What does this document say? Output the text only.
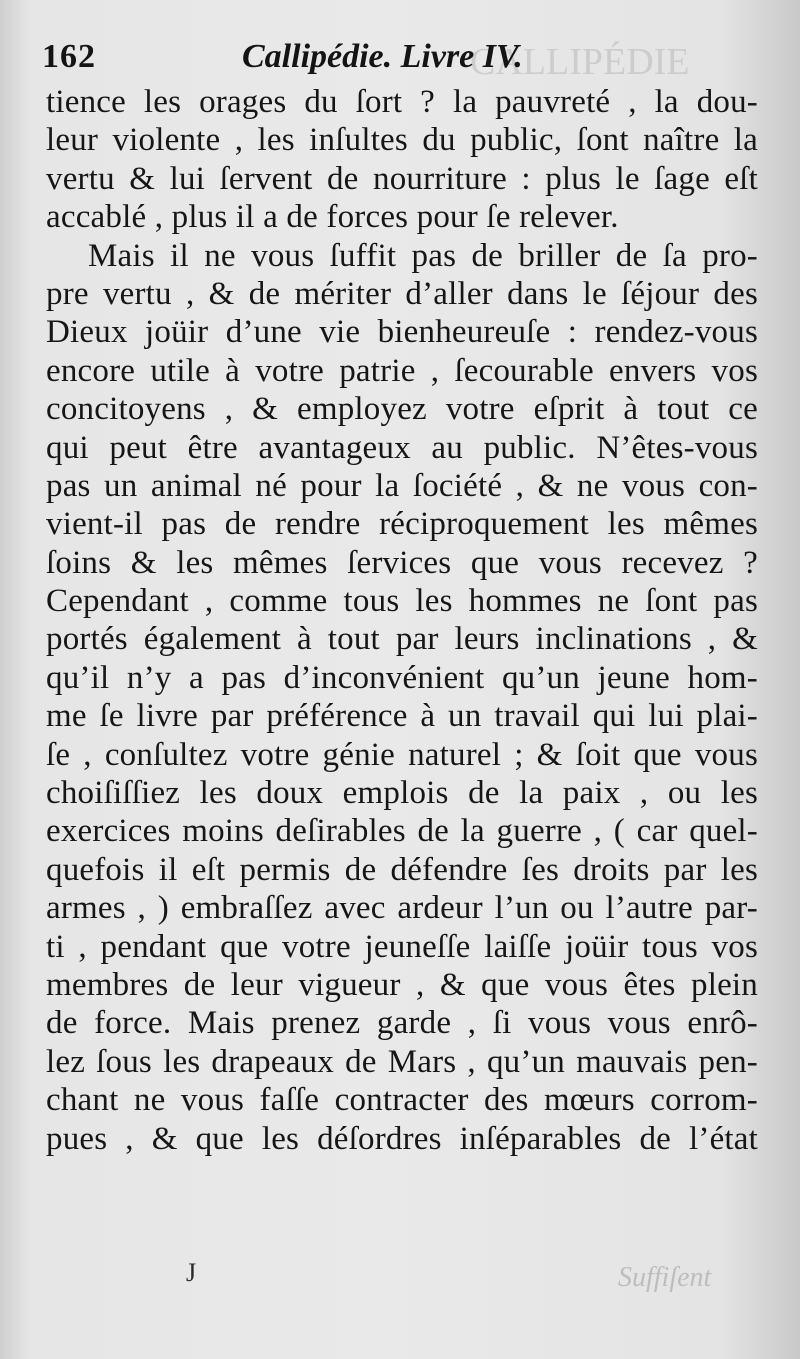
CALLIPÉDIE
162	Callipédie. Livre IV.
tience les orages du ſort ? la pauvreté , la dou-
leur violente , les inſultes du public, ſont naître la
vertu & lui ſervent de nourriture : plus le ſage eſt
accablé , plus il a de forces pour ſe relever.
Mais il ne vous ſuffit pas de briller de ſa pro-
pre vertu , & de mériter d’aller dans le ſéjour des
Dieux joüir d’une vie bienheureuſe : rendez-vous
encore utile à votre patrie , ſecourable envers vos
concitoyens , & employez votre eſprit à tout ce
qui peut être avantageux au public. N’êtes-vous
pas un animal né pour la ſociété , & ne vous con-
vient-il pas de rendre réciproquement les mêmes
ſoins & les mêmes ſervices que vous recevez ?
Cependant , comme tous les hommes ne ſont pas
portés également à tout par leurs inclinations , &
qu’il n’y a pas d’inconvénient qu’un jeune hom-
me ſe livre par préférence à un travail qui lui plai-
ſe , conſultez votre génie naturel ; & ſoit que vous
choiſiſſiez les doux emplois de la paix , ou les
exercices moins deſirables de la guerre , ( car quel-
quefois il eſt permis de défendre ſes droits par les
armes , ) embraſſez avec ardeur l’un ou l’autre par-
ti , pendant que votre jeuneſſe laiſſe joüir tous vos
membres de leur vigueur , & que vous êtes plein
de force. Mais prenez garde , ſi vous vous enrô-
lez ſous les drapeaux de Mars , qu’un mauvais pen-
chant ne vous faſſe contracter des mœurs corrom-
pues , & que les déſordres inſéparables de l’état
J	Suffiſent
